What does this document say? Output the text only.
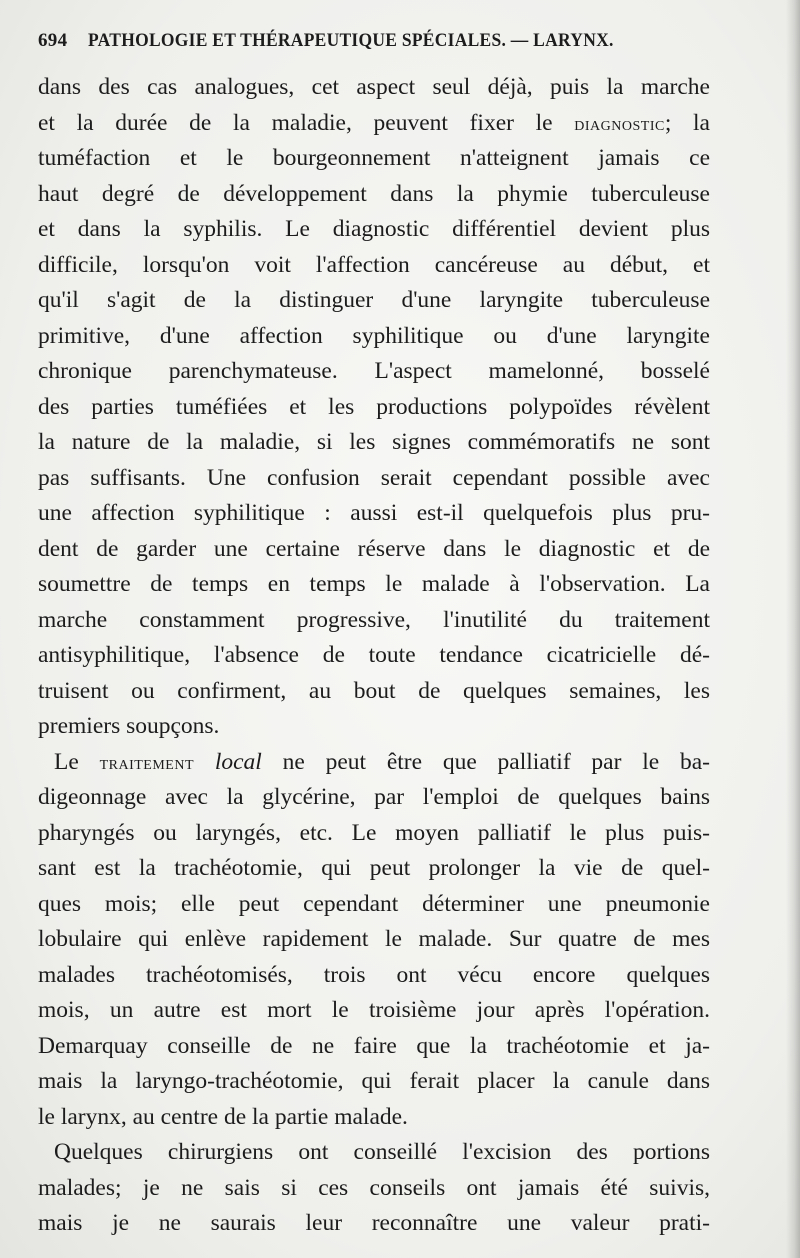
694 PATHOLOGIE ET THÉRAPEUTIQUE SPÉCIALES. — LARYNX.
dans des cas analogues, cet aspect seul déjà, puis la marche
et la durée de la maladie, peuvent fixer le diagnostic; la
tuméfaction et le bourgeonnement n'atteignent jamais ce
haut degré de développement dans la phymie tuberculeuse
et dans la syphilis. Le diagnostic différentiel devient plus
difficile, lorsqu'on voit l'affection cancéreuse au début, et
qu'il s'agit de la distinguer d'une laryngite tuberculeuse
primitive, d'une affection syphilitique ou d'une laryngite
chronique parenchymateuse. L'aspect mamelonné, bosselé
des parties tuméfiées et les productions polypoïdes révèlent
la nature de la maladie, si les signes commémoratifs ne sont
pas suffisants. Une confusion serait cependant possible avec
une affection syphilitique : aussi est-il quelquefois plus pru-
dent de garder une certaine réserve dans le diagnostic et de
soumettre de temps en temps le malade à l'observation. La
marche constamment progressive, l'inutilité du traitement
antisyphilitique, l'absence de toute tendance cicatricielle dé-
truisent ou confirment, au bout de quelques semaines, les
premiers soupçons.
Le traitement local ne peut être que palliatif par le ba-
digeonnage avec la glycérine, par l'emploi de quelques bains
pharyngés ou laryngés, etc. Le moyen palliatif le plus puis-
sant est la trachéotomie, qui peut prolonger la vie de quel-
ques mois; elle peut cependant déterminer une pneumonie
lobulaire qui enlève rapidement le malade. Sur quatre de mes
malades trachéotomisés, trois ont vécu encore quelques
mois, un autre est mort le troisième jour après l'opération.
Demarquay conseille de ne faire que la trachéotomie et ja-
mais la laryngo-trachéotomie, qui ferait placer la canule dans
le larynx, au centre de la partie malade.
Quelques chirurgiens ont conseillé l'excision des portions
malades; je ne sais si ces conseils ont jamais été suivis,
mais je ne saurais leur reconnaître une valeur prati-
